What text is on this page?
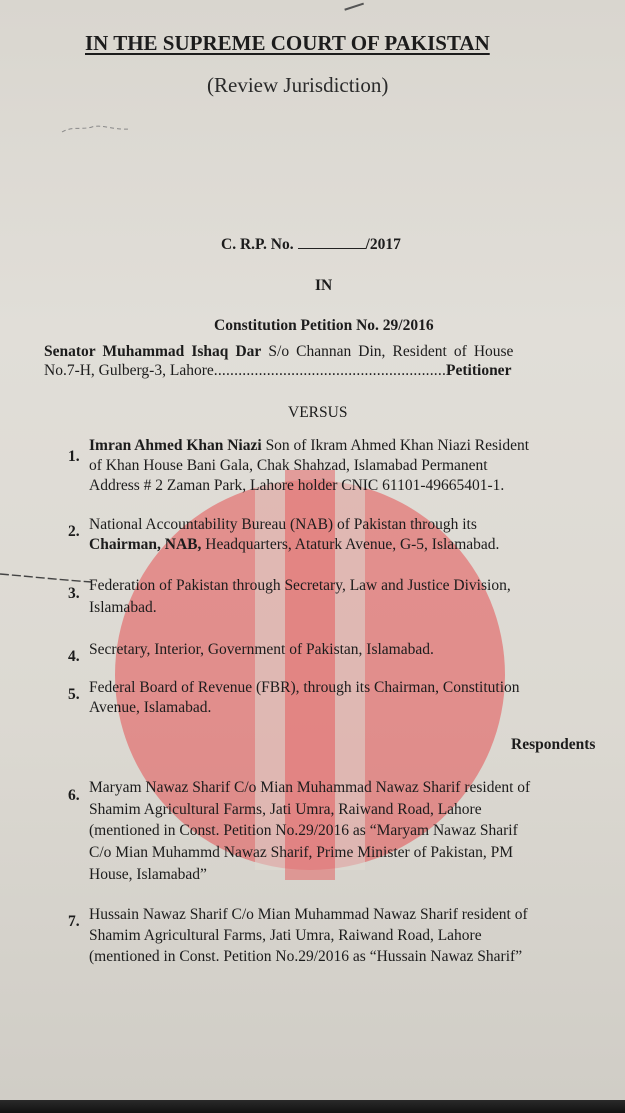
IN THE SUPREME COURT OF PAKISTAN

(Review Jurisdiction)

C. R.P. No.	/2017

IN

Constitution Petition No. 29/2016

Senator Muhammad Ishaq Dar S/o Channan Din, Resident of House

No.7-H, Gulberg-3, Lahore.........................................................Petitioner

VERSUS

1.

Imran Ahmed Khan Niazi Son of Ikram Ahmed Khan Niazi Resident

of Khan House Bani Gala, Chak Shahzad, Islamabad Permanent

Address # 2 Zaman Park, Lahore holder CNIC 61101-49665401-1.

2. National Accountability Bureau (NAB) of Pakistan through its

Chairman, NAB, Headquarters, Ataturk Avenue, G-5, Islamabad.

3. Federation of Pakistan through Secretary, Law and Justice Division,

Islamabad.

4. Secretary, Interior, Government of Pakistan, Islamabad.

5. Federal Board of Revenue (FBR), through its Chairman, Constitution

Avenue, Islamabad.

Respondents

6. Maryam Nawaz Sharif C/o Mian Muhammad Nawaz Sharif resident of

Shamim Agricultural Farms, Jati Umra, Raiwand Road, Lahore

(mentioned in Const. Petition No.29/2016 as “Maryam Nawaz Sharif

C/o Mian Muhammd Nawaz Sharif, Prime Minister of Pakistan, PM

House, Islamabad”

7. Hussain Nawaz Sharif C/o Mian Muhammad Nawaz Sharif resident of

Shamim Agricultural Farms, Jati Umra, Raiwand Road, Lahore

(mentioned in Const. Petition No.29/2016 as “Hussain Nawaz Sharif”
